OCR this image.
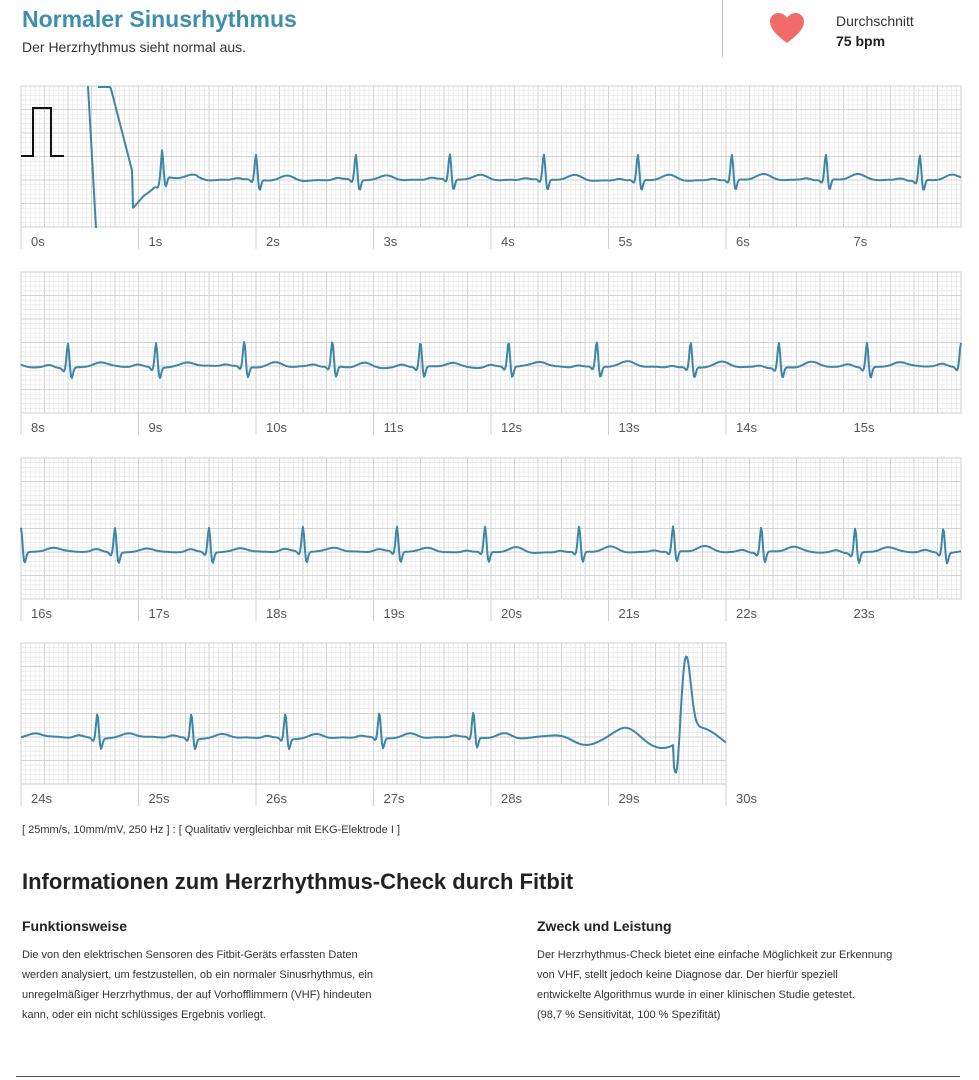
Normaler Sinusrhythmus

Der Herzrhythmus sieht normal aus.

Durchschnitt
75 bpm
0s	1s	2s	3s	4s	5s	6s	7s
8s	9s	10s	11s	12s	13s	14s	15s
16s	17s	18s	19s	20s	21s	22s	23s
24s	25s	26s	27s	28s	29s	30s
[ 25mm/s, 10mm/mV, 250 Hz ] : [ Qualitativ vergleichbar mit EKG-Elektrode I ]
Informationen zum Herzrhythmus-Check durch Fitbit
Funktionsweise
Die von den elektrischen Sensoren des Fitbit-Geräts erfassten Daten
werden analysiert, um festzustellen, ob ein normaler Sinusrhythmus, ein
unregelmäßiger Herzrhythmus, der auf Vorhofflimmern (VHF) hindeuten
kann, oder ein nicht schlüssiges Ergebnis vorliegt.
Zweck und Leistung
Der Herzrhythmus-Check bietet eine einfache Möglichkeit zur Erkennung
von VHF, stellt jedoch keine Diagnose dar. Der hierfür speziell
entwickelte Algorithmus wurde in einer klinischen Studie getestet.
(98,7 % Sensitivität, 100 % Spezifität)
